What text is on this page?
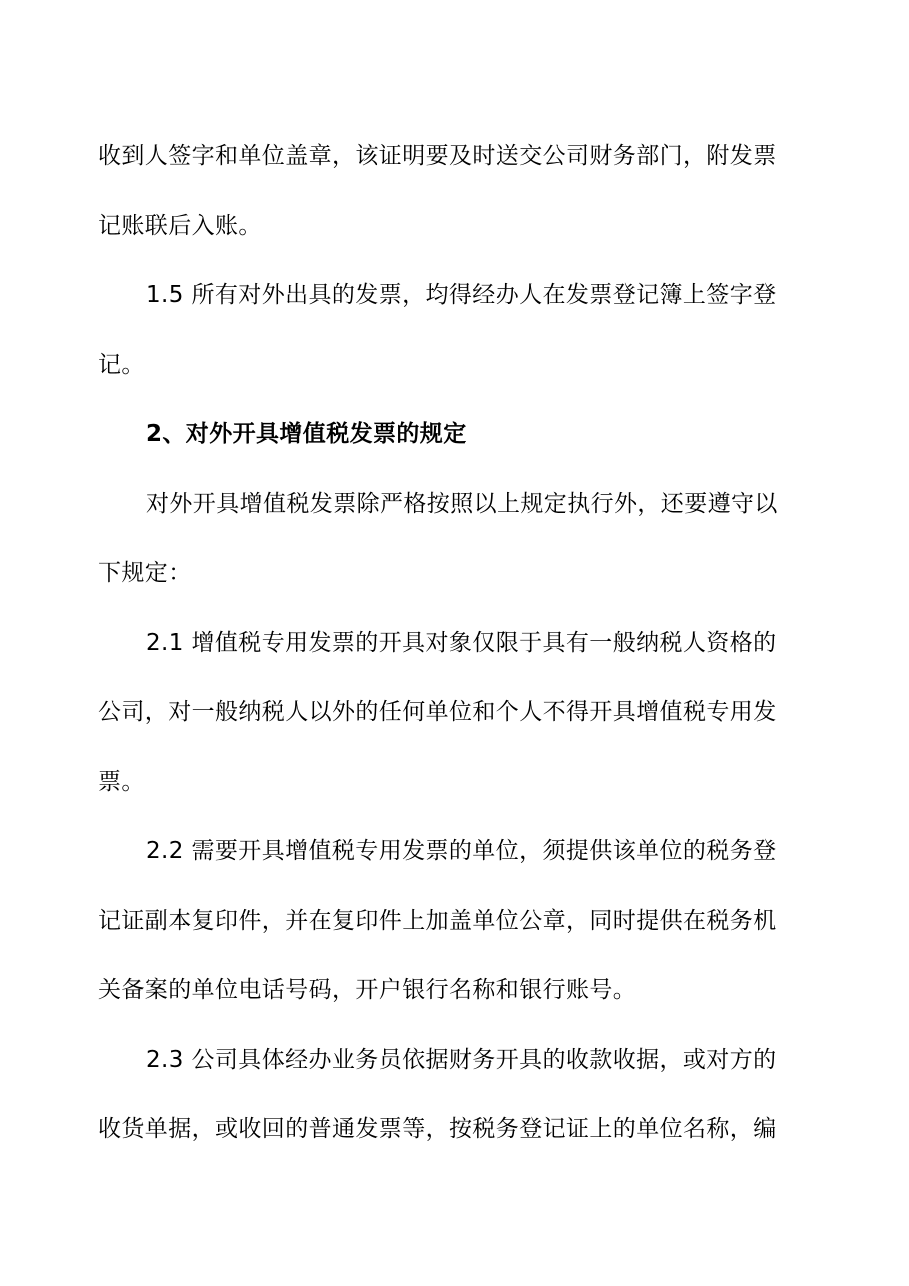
收到人签字和单位盖章，该证明要及时送交公司财务部门，附发票
记账联后入账。
1.5 所有对外出具的发票，均得经办人在发票登记簿上签字登
记。
2、对外开具增值税发票的规定
对外开具增值税发票除严格按照以上规定执行外，还要遵守以
下规定：
2.1 增值税专用发票的开具对象仅限于具有一般纳税人资格的
公司，对一般纳税人以外的任何单位和个人不得开具增值税专用发
票。
2.2 需要开具增值税专用发票的单位，须提供该单位的税务登
记证副本复印件，并在复印件上加盖单位公章，同时提供在税务机
关备案的单位电话号码，开户银行名称和银行账号。
2.3 公司具体经办业务员依据财务开具的收款收据，或对方的
收货单据，或收回的普通发票等，按税务登记证上的单位名称，编
